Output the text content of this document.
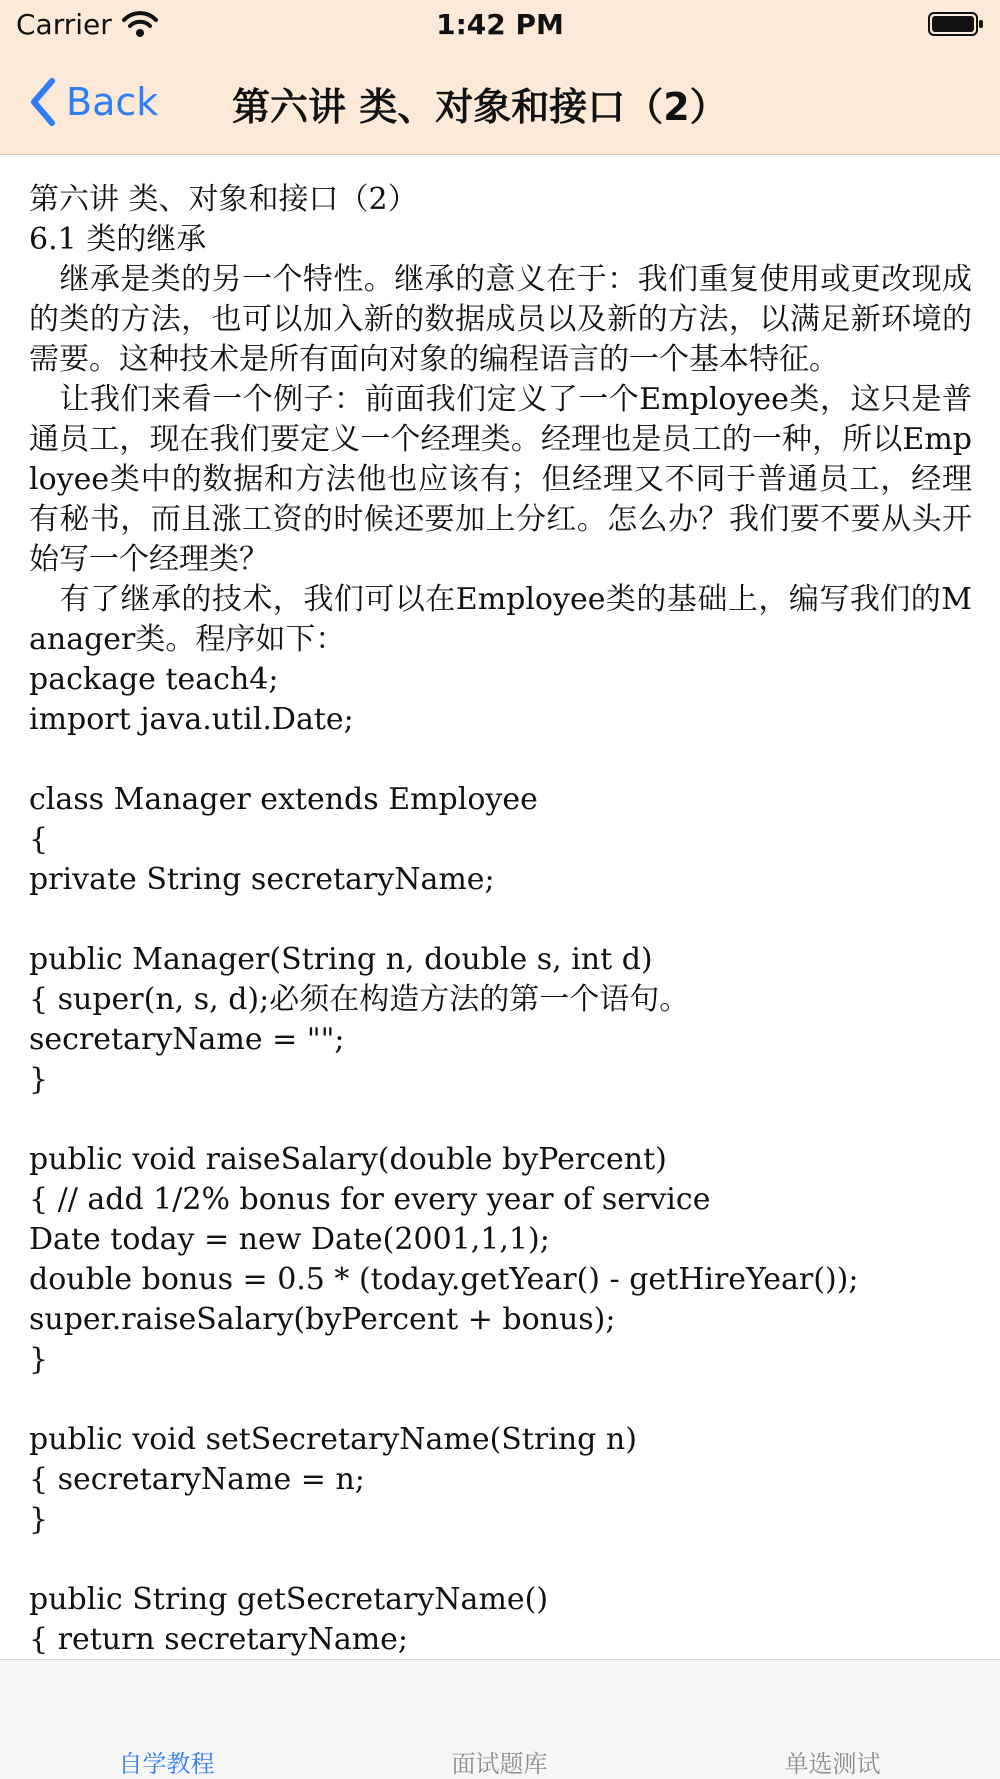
Carrier	1:42 PM
Back 第六讲 类、对象和接口（2）
第六讲 类、对象和接口（2）
6.1 类的继承
　继承是类的另一个特性。继承的意义在于：我们重复使用或更改现成的类的方法，也可以加入新的数据成员以及新的方法，以满足新环境的需要。这种技术是所有面向对象的编程语言的一个基本特征。
　让我们来看一个例子：前面我们定义了一个Employee类，这只是普通员工，现在我们要定义一个经理类。经理也是员工的一种，所以Employee类中的数据和方法他也应该有；但经理又不同于普通员工，经理有秘书，而且涨工资的时候还要加上分红。怎么办？我们要不要从头开始写一个经理类？
　有了继承的技术，我们可以在Employee类的基础上，编写我们的Manager类。程序如下：
package teach4;
import java.util.Date;

class Manager extends Employee
{
private String secretaryName;

public Manager(String n, double s, int d)
{ super(n, s, d);必须在构造方法的第一个语句。
secretaryName = "";
}

public void raiseSalary(double byPercent)
{ // add 1/2% bonus for every year of service
Date today = new Date(2001,1,1);
double bonus = 0.5 * (today.getYear() - getHireYear());
super.raiseSalary(byPercent + bonus);
}

public void setSecretaryName(String n)
{ secretaryName = n;
}

public String getSecretaryName()
{ return secretaryName;
自学教程	面试题库	单选测试
